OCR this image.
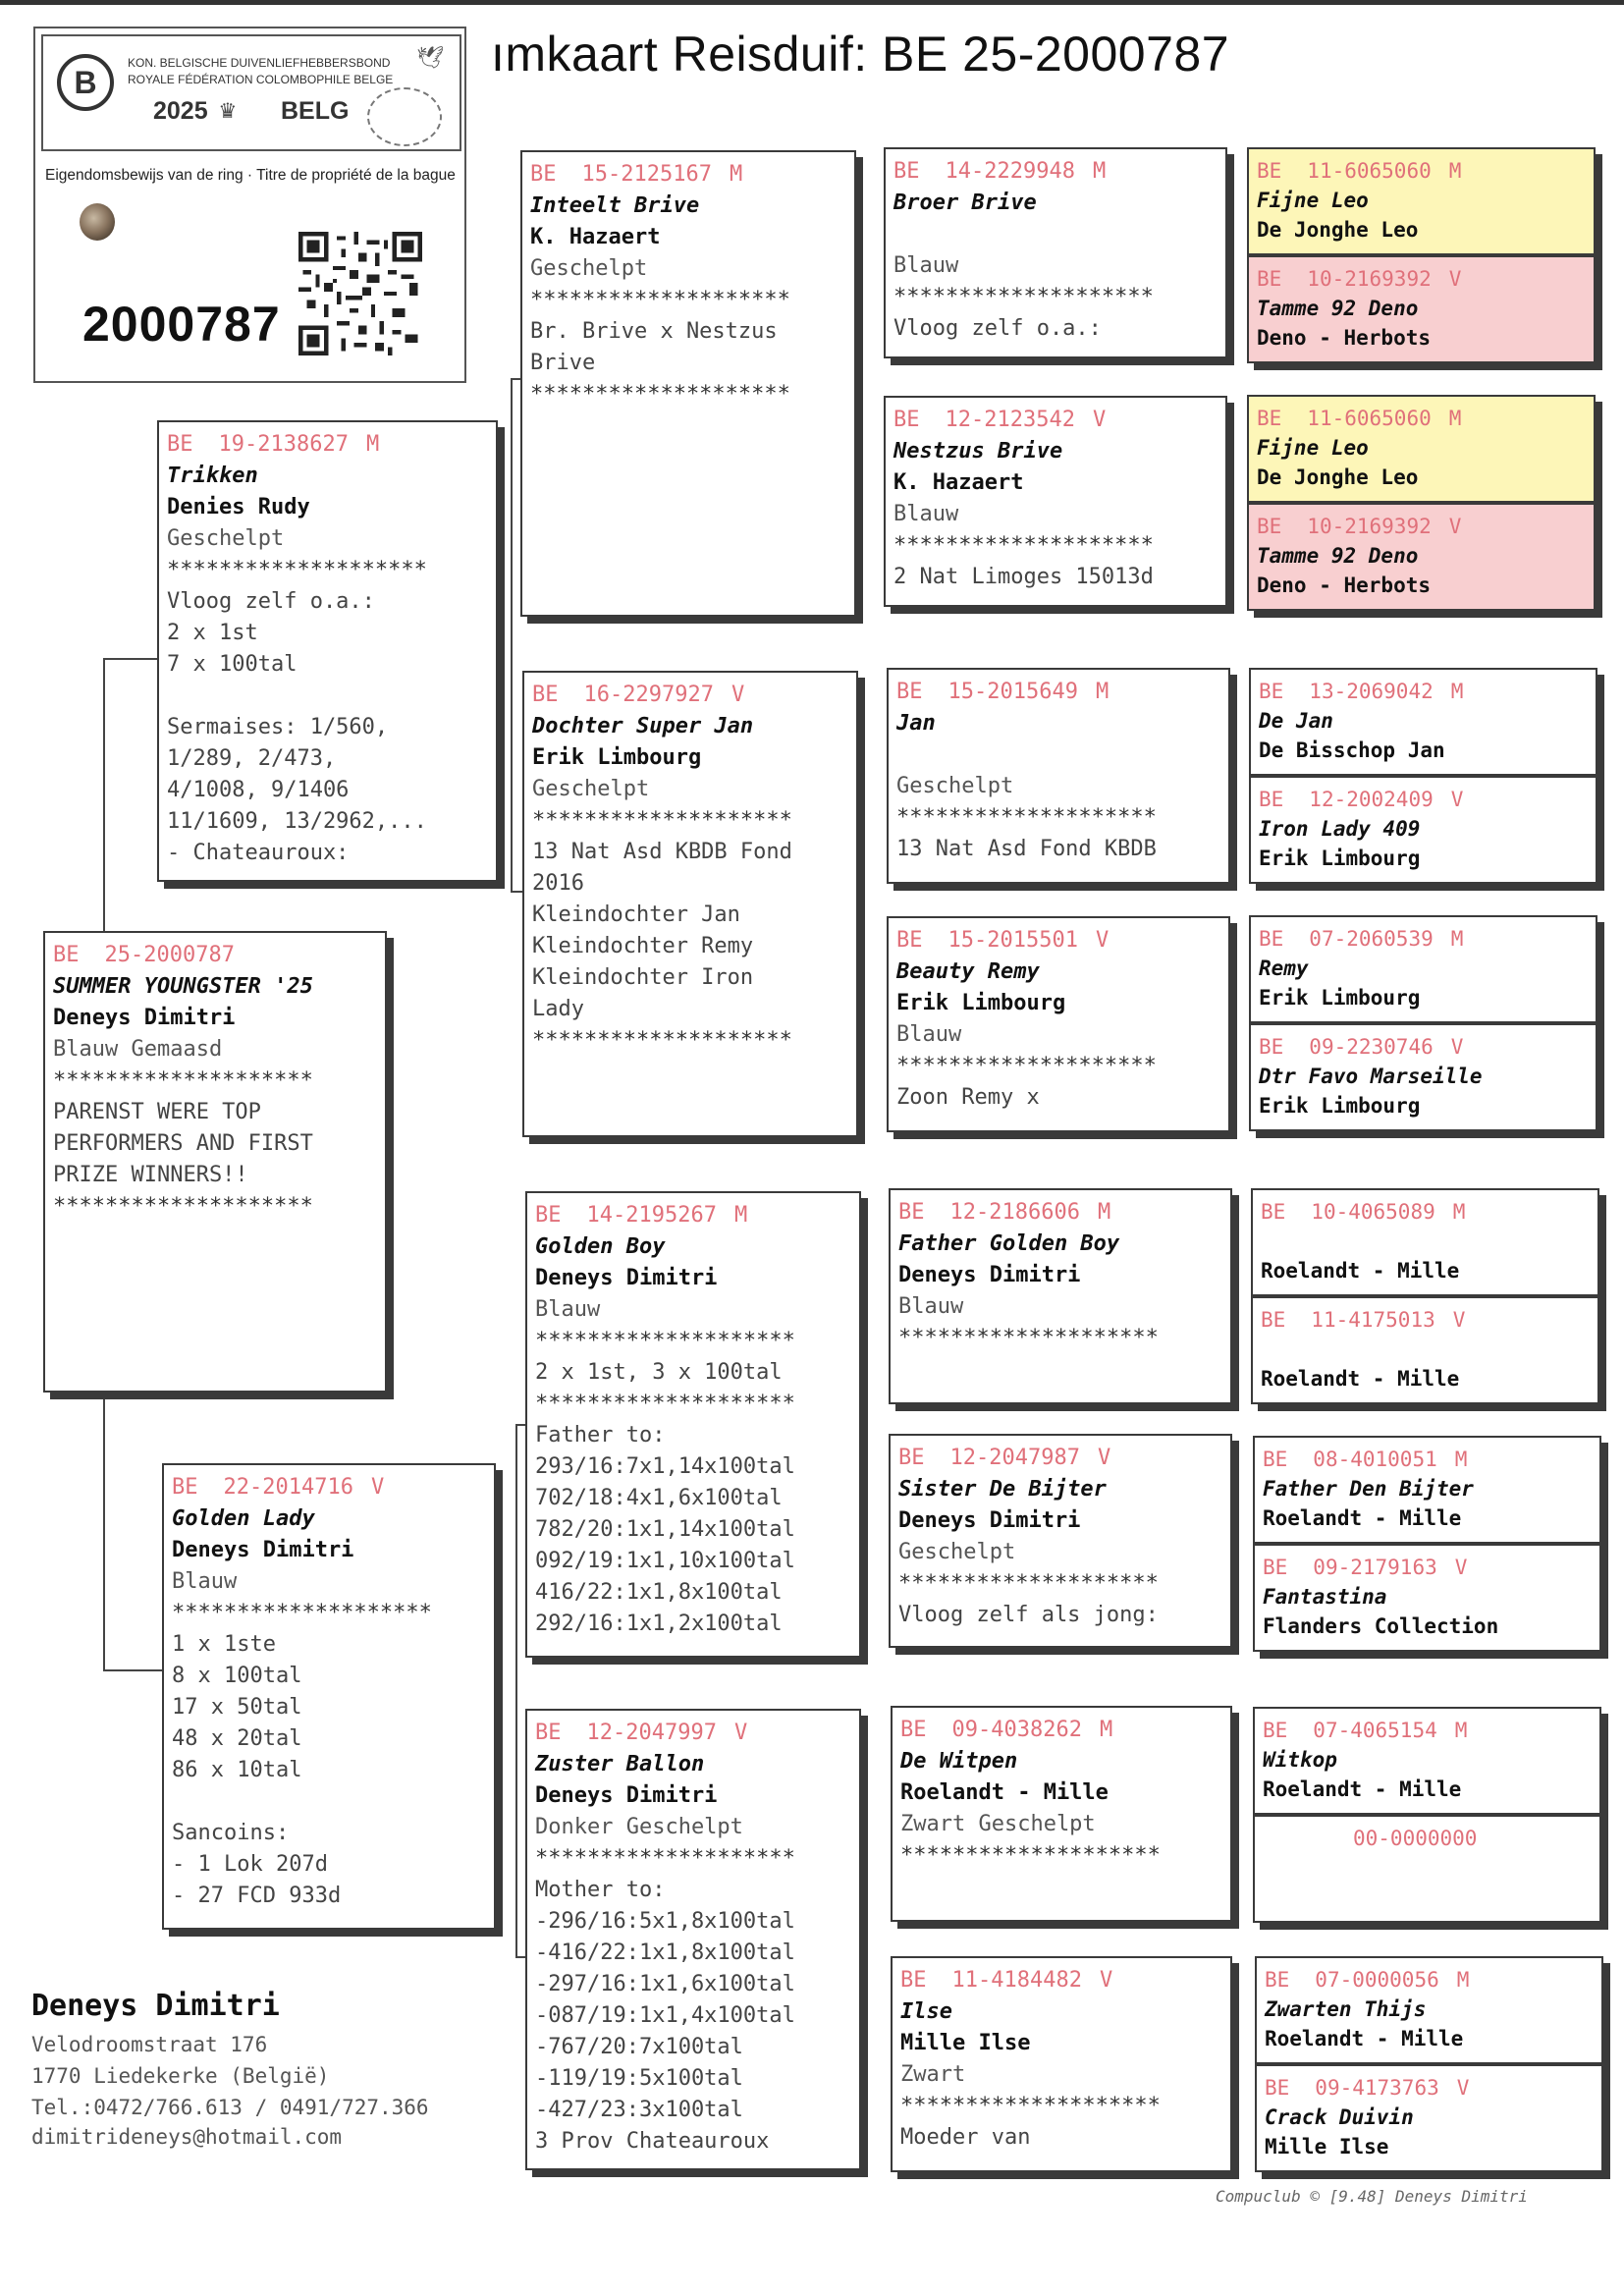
ımkaart Reisduif: BE 25-2000787
B
🕊
KON. BELGISCHE DUIVENLIEFHEBBERSBOND
ROYALE FÉDÉRATION COLOMBOPHILE BELGE
2025 ♛ BELG
Eigendomsbewijs van de ring · Titre de propriété de la bague
2000787
BE 25-2000787
SUMMER YOUNGSTER '25
Deneys Dimitri
Blauw Gemaasd
********************
PARENST WERE TOP
PERFORMERS AND FIRST
PRIZE WINNERS!!
********************
BE 19-2138627 M
Trikken
Denies Rudy
Geschelpt
********************
Vloog zelf o.a.:
2 x 1st
7 x 100tal
Sermaises: 1/560,
1/289, 2/473,
4/1008, 9/1406
11/1609, 13/2962,...
- Chateauroux:
BE 22-2014716 V
Golden Lady
Deneys Dimitri
Blauw
********************
1 x 1ste
8 x 100tal
17 x 50tal
48 x 20tal
86 x 10tal
Sancoins:
- 1 Lok 207d
- 27 FCD 933d
BE 15-2125167 M
Inteelt Brive
K. Hazaert
Geschelpt
********************
Br. Brive x Nestzus
Brive
********************
BE 16-2297927 V
Dochter Super Jan
Erik Limbourg
Geschelpt
********************
13 Nat Asd KBDB Fond
2016
Kleindochter Jan
Kleindochter Remy
Kleindochter Iron
Lady
********************
BE 14-2195267 M
Golden Boy
Deneys Dimitri
Blauw
********************
2 x 1st, 3 x 100tal
********************
Father to:
293/16:7x1,14x100tal
702/18:4x1,6x100tal
782/20:1x1,14x100tal
092/19:1x1,10x100tal
416/22:1x1,8x100tal
292/16:1x1,2x100tal
BE 12-2047997 V
Zuster Ballon
Deneys Dimitri
Donker Geschelpt
********************
Mother to:
-296/16:5x1,8x100tal
-416/22:1x1,8x100tal
-297/16:1x1,6x100tal
-087/19:1x1,4x100tal
-767/20:7x100tal
-119/19:5x100tal
-427/23:3x100tal
3 Prov Chateauroux
BE 14-2229948 M
Broer Brive
Blauw
********************
Vloog zelf o.a.:
BE 12-2123542 V
Nestzus Brive
K. Hazaert
Blauw
********************
2 Nat Limoges 15013d
BE 15-2015649 M
Jan
Geschelpt
********************
13 Nat Asd Fond KBDB
BE 15-2015501 V
Beauty Remy
Erik Limbourg
Blauw
********************
Zoon Remy x
BE 12-2186606 M
Father Golden Boy
Deneys Dimitri
Blauw
********************
BE 12-2047987 V
Sister De Bijter
Deneys Dimitri
Geschelpt
********************
Vloog zelf als jong:
BE 09-4038262 M
De Witpen
Roelandt - Mille
Zwart Geschelpt
********************
BE 11-4184482 V
Ilse
Mille Ilse
Zwart
********************
Moeder van
BE 11-6065060 M
Fijne Leo
De Jonghe Leo
BE 10-2169392 V
Tamme 92 Deno
Deno - Herbots
BE 11-6065060 M
Fijne Leo
De Jonghe Leo
BE 10-2169392 V
Tamme 92 Deno
Deno - Herbots
BE 13-2069042 M
De Jan
De Bisschop Jan
BE 12-2002409 V
Iron Lady 409
Erik Limbourg
BE 07-2060539 M
Remy
Erik Limbourg
BE 09-2230746 V
Dtr Favo Marseille
Erik Limbourg
BE 10-4065089 M
Roelandt - Mille
BE 11-4175013 V
Roelandt - Mille
BE 08-4010051 M
Father Den Bijter
Roelandt - Mille
BE 09-2179163 V
Fantastina
Flanders Collection
BE 07-4065154 M
Witkop
Roelandt - Mille
00-0000000
BE 07-0000056 M
Zwarten Thijs
Roelandt - Mille
BE 09-4173763 V
Crack Duivin
Mille Ilse
Deneys Dimitri
Velodroomstraat 176
1770 Liedekerke (België)
Tel.:0472/766.613 / 0491/727.366
dimitrideneys@hotmail.com
Compuclub © [9.48] Deneys Dimitri
